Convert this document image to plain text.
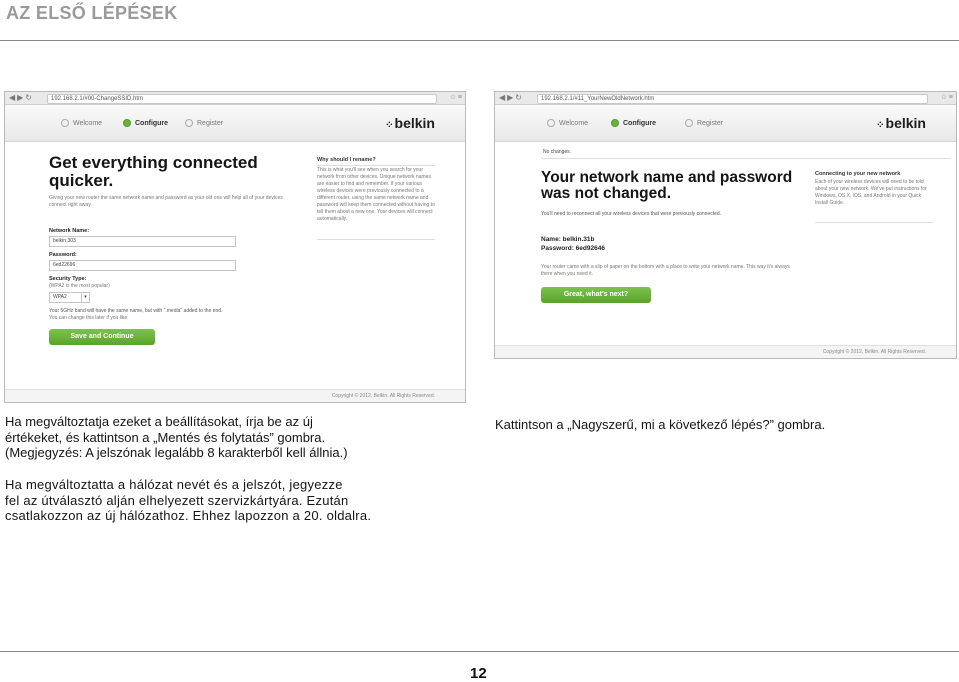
AZ ELSŐ LÉPÉSEK
◀▶↻	192.168.2.1/#00-ChangeSSID.htm	☆ ≡
Welcome	Configure	Register	⁘ belkin
Get everything connected quicker.
Giving your new router the same network name and password as your old one will help all of your devices connect right away.
Network Name:
belkin.303
Password:
6ed22696
Security Type:
(WPA2 is the most popular)
WPA2	▾
Your 5GHz band will have the same name, but with ".media" added to the end.
You can change this later if you like
Save and Continue
Why should I rename?
This is what you'll see when you search for your network from other devices. Unique network names are easier to find and remember. If your various wireless devices were previously connected to a different router, using the same network name and password will keep them connected without having to tell them about a new one. Your devices will connect automatically.
Copyright © 2012, Belkin. All Rights Reserved.
◀▶↻	192.168.2.1/#11_YourNewOldNetwork.htm	☆ ≡
Welcome	Configure	Register	⁘ belkin
No changes.
Your network name and password was not changed.
You'll need to reconnect all your wireless devices that were previously connected.
Name: belkin.31b
Password: 6ed92646
Your router came with a slip of paper on the bottom with a place to write your network name. This way it's always there when you need it.
Great, what's next?
Connecting to your new network
Each of your wireless devices will need to be told about your new network. We've put instructions for Windows, OS X, iOS, and Android in your Quick Install Guide.
Copyright © 2012, Belkin. All Rights Reserved.

Ha megváltoztatja ezeket a beállításokat, írja be az új
értékeket, és kattintson a „Mentés és folytatás” gombra.
(Megjegyzés: A jelszónak legalább 8 karakterből kell állnia.)

Kattintson a „Nagyszerű, mi a következő lépés?” gombra.

Ha megváltoztatta a hálózat nevét és a jelszót, jegyezze
fel az útválasztó alján elhelyezett szervizkártyára. Ezután
csatlakozzon az új hálózathoz. Ehhez lapozzon a 20. oldalra.

12
